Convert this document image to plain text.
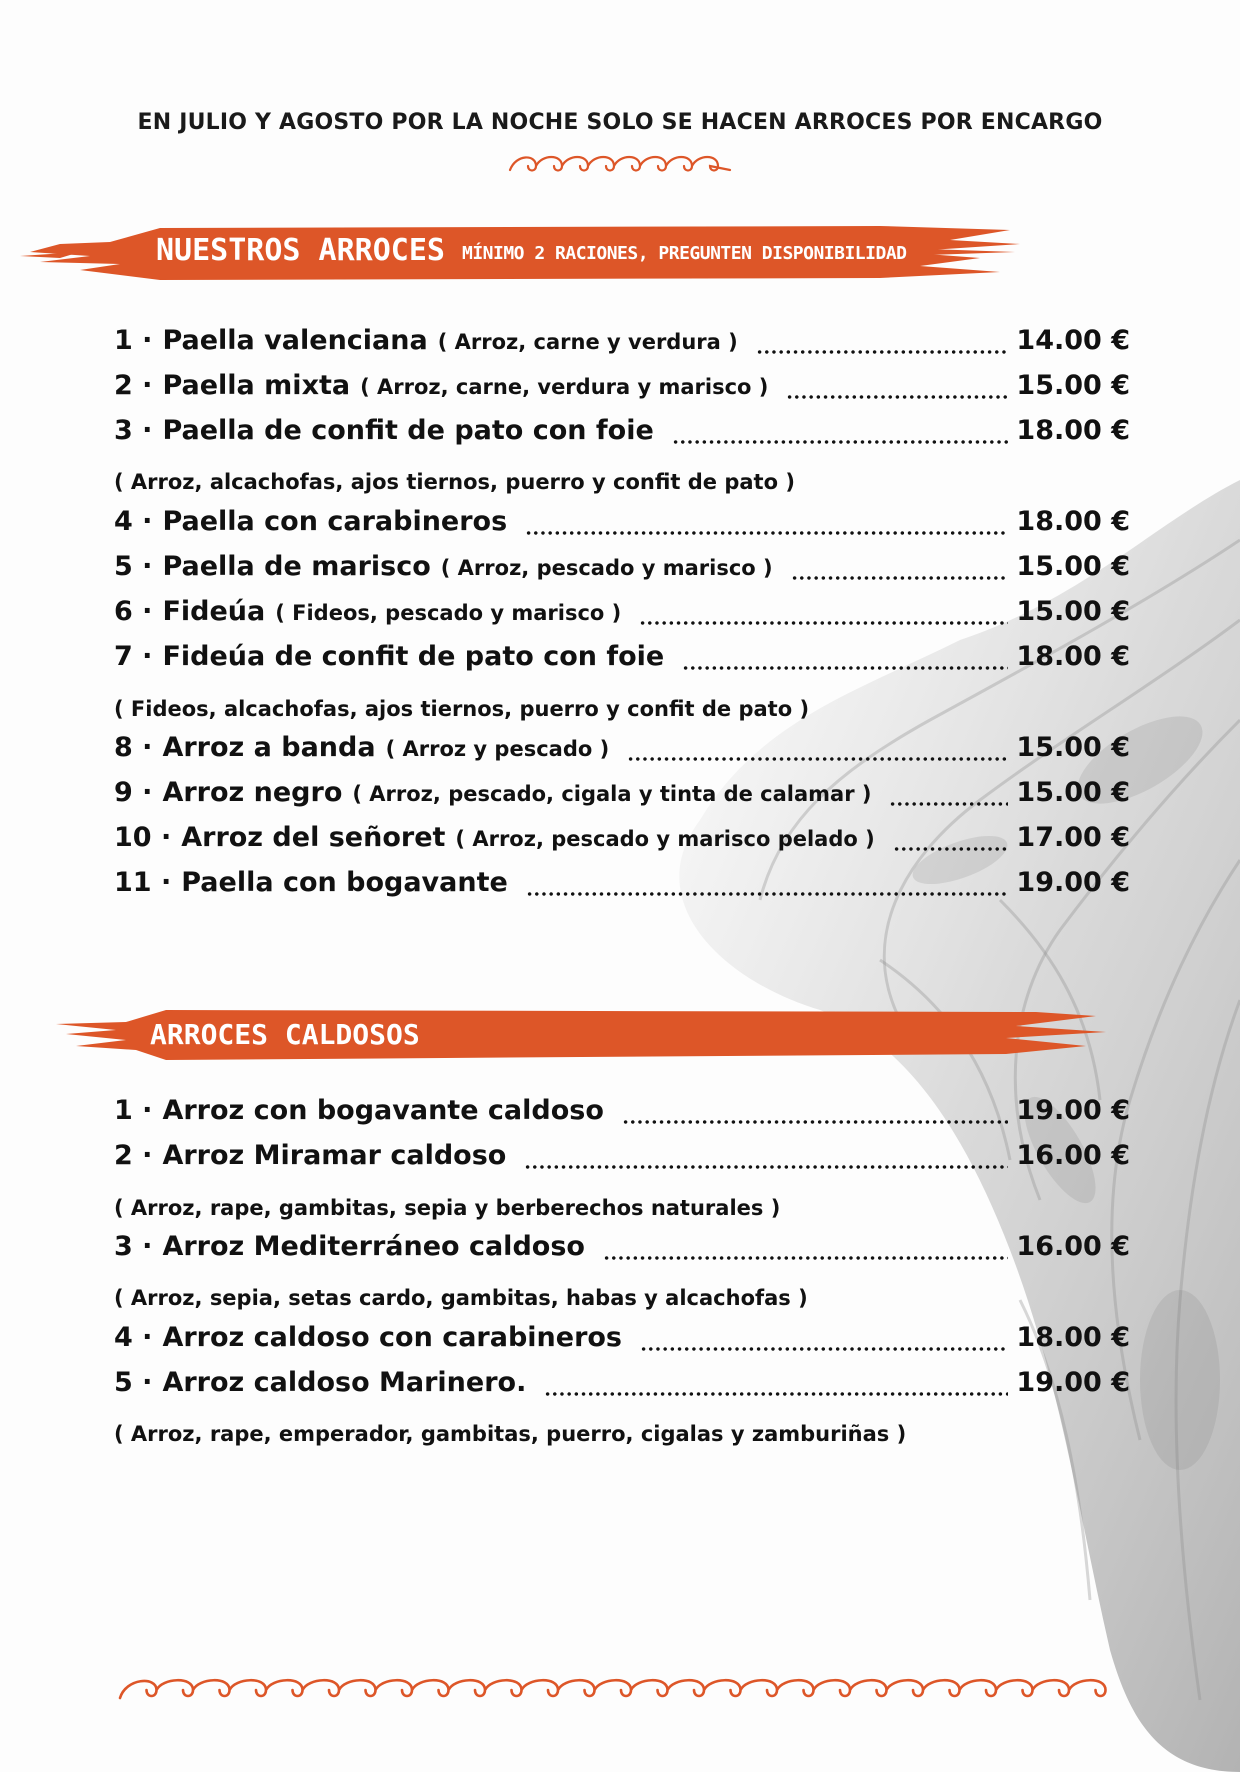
EN JULIO Y AGOSTO POR LA NOCHE SOLO SE HACEN ARROCES POR ENCARGO
NUESTROS ARROCES MÍNIMO 2 RACIONES, PREGUNTEN DISPONIBILIDAD
1 · Paella valenciana ( Arroz, carne y verdura )	14.00 €
2 · Paella mixta ( Arroz, carne, verdura y marisco )	15.00 €
3 · Paella de confit de pato con foie	18.00 €
( Arroz, alcachofas, ajos tiernos, puerro y confit de pato )
4 · Paella con carabineros	18.00 €
5 · Paella de marisco ( Arroz, pescado y marisco )	15.00 €
6 · Fideúa ( Fideos, pescado y marisco )	15.00 €
7 · Fideúa de confit de pato con foie	18.00 €
( Fideos, alcachofas, ajos tiernos, puerro y confit de pato )
8 · Arroz a banda ( Arroz y pescado )	15.00 €
9 · Arroz negro ( Arroz, pescado, cigala y tinta de calamar )	15.00 €
10 · Arroz del señoret ( Arroz, pescado y marisco pelado )	17.00 €
11 · Paella con bogavante	19.00 €
ARROCES CALDOSOS
1 · Arroz con bogavante caldoso	19.00 €
2 · Arroz Miramar caldoso	16.00 €
( Arroz, rape, gambitas, sepia y berberechos naturales )
3 · Arroz Mediterráneo caldoso	16.00 €
( Arroz, sepia, setas cardo, gambitas, habas y alcachofas )
4 · Arroz caldoso con carabineros	18.00 €
5 · Arroz caldoso Marinero.	19.00 €
( Arroz, rape, emperador, gambitas, puerro, cigalas y zamburiñas )
